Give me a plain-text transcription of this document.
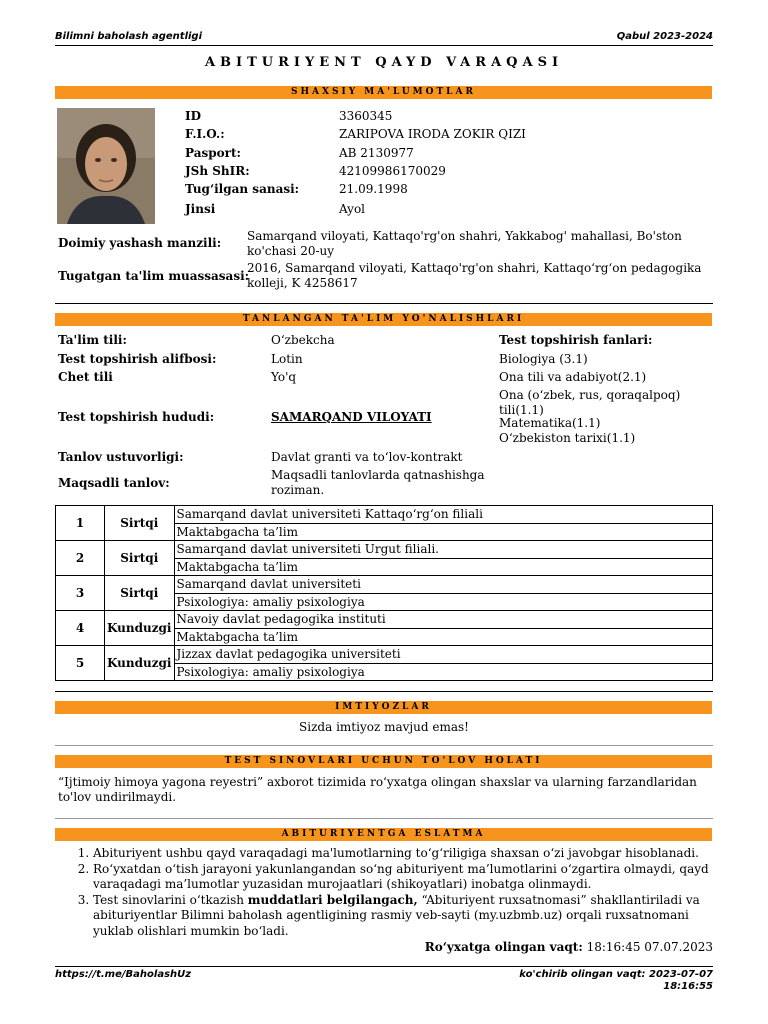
Bilimni baholash agentligi	Qabul 2023-2024
ABITURIYENT QAYD VARAQASI
SHAXSIY MA'LUMOTLAR
ID	3360345
F.I.O.:	ZARIPOVA IRODA ZOKIR QIZI
Pasport:	AB 2130977
JSh ShIR:	42109986170029
Tug‘ilgan sanasi:	21.09.1998
Jinsi	Ayol
Doimiy yashash manzili: Samarqand viloyati, Kattaqo'rg'on shahri, Yakkabog' mahallasi, Bo'ston ko'chasi 20-uy
Tugatgan ta'lim muassasasi:
2016, Samarqand viloyati, Kattaqo'rg'on shahri, Kattaqo‘rg‘on pedagogika kolleji, K 4258617
TANLANGAN TA'LIM YO'NALISHLARI
Ta'lim tili:	O‘zbekcha
Test topshirish alifbosi:	Lotin
Chet tili	Yo'q
Test topshirish hududi:	SAMARQAND VILOYATI
Tanlov ustuvorligi:	Davlat granti va to‘lov-kontrakt
Maqsadli tanlov:
Maqsadli tanlovlarda qatnashishga roziman.
Test topshirish fanlari:
Biologiya (3.1)
Ona tili va adabiyot(2.1)
Ona (o‘zbek, rus, qoraqalpoq) tili(1.1)
Matematika(1.1)
O‘zbekiston tarixi(1.1)
1	Sirtqi	Samarqand davlat universiteti Kattaqo‘rg‘on filiali
		Maktabgacha ta’lim
2	Sirtqi	Samarqand davlat universiteti Urgut filiali.
		Maktabgacha ta’lim
3	Sirtqi	Samarqand davlat universiteti
		Psixologiya: amaliy psixologiya
4	Kunduzgi	Navoiy davlat pedagogika instituti
		Maktabgacha ta’lim
5	Kunduzgi	Jizzax davlat pedagogika universiteti
		Psixologiya: amaliy psixologiya
IMTIYOZLAR
Sizda imtiyoz mavjud emas!
TEST SINOVLARI UCHUN TO'LOV HOLATI
“Ijtimoiy himoya yagona reyestri” axborot tizimida ro‘yxatga olingan shaxslar va ularning farzandlaridan to'lov undirilmaydi.
ABITURIYENTGA ESLATMA
1. Abituriyent ushbu qayd varaqadagi ma'lumotlarning to‘g‘riligiga shaxsan o‘zi javobgar hisoblanadi.
2. Ro‘yxatdan o‘tish jarayoni yakunlangandan so‘ng abituriyent ma’lumotlarini o‘zgartira olmaydi, qayd varaqadagi ma’lumotlar yuzasidan murojaatlari (shikoyatlari) inobatga olinmaydi.
3. Test sinovlarini o‘tkazish muddatlari belgilangach, “Abituriyent ruxsatnomasi” shakllantiriladi va abituriyentlar Bilimni baholash agentligining rasmiy veb-sayti (my.uzbmb.uz) orqali ruxsatnomani yuklab olishlari mumkin bo‘ladi.
Ro‘yxatga olingan vaqt: 18:16:45 07.07.2023
https://t.me/BaholashUz	ko'chirib olingan vaqt: 2023-07-07
18:16:55
